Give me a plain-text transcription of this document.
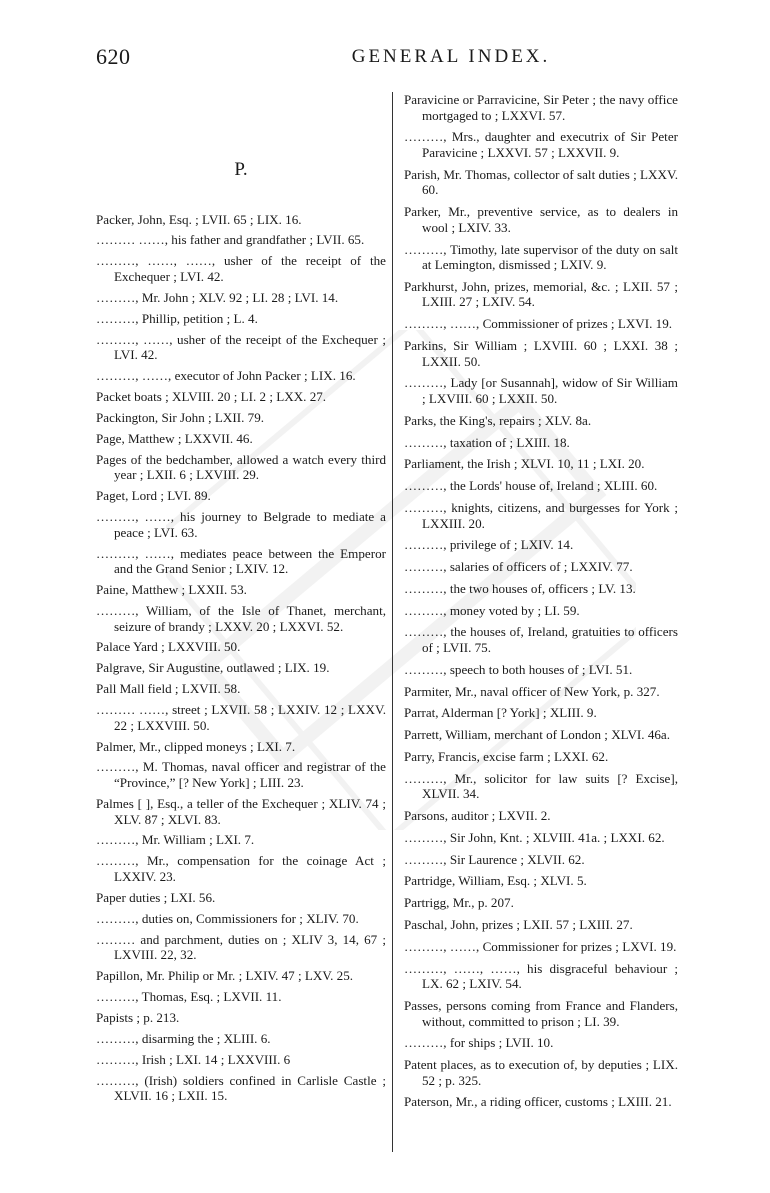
620	GENERAL INDEX.
P.
Packer, John, Esq. ; LVII. 65 ; LIX. 16.
……… ……, his father and grandfather ; LVII. 65.
………, ……, ……, usher of the receipt of the Exchequer ; LVI. 42.
………, Mr. John ; XLV. 92 ; LI. 28 ; LVI. 14.
………, Phillip, petition ; L. 4.
………, ……, usher of the receipt of the Exchequer ; LVI. 42.
………, ……, executor of John Packer ; LIX. 16.
Packet boats ; XLVIII. 20 ; LI. 2 ; LXX. 27.
Packington, Sir John ; LXII. 79.
Page, Matthew ; LXXVII. 46.
Pages of the bedchamber, allowed a watch every third year ; LXII. 6 ; LXVIII. 29.
Paget, Lord ; LVI. 89.
………, ……, his journey to Belgrade to mediate a peace ; LVI. 63.
………, ……, mediates peace between the Emperor and the Grand Senior ; LXIV. 12.
Paine, Matthew ; LXXII. 53.
………, William, of the Isle of Thanet, merchant, seizure of brandy ; LXXV. 20 ; LXXVI. 52.
Palace Yard ; LXXVIII. 50.
Palgrave, Sir Augustine, outlawed ; LIX. 19.
Pall Mall field ; LXVII. 58.
……… ……, street ; LXVII. 58 ; LXXIV. 12 ; LXXV. 22 ; LXXVIII. 50.
Palmer, Mr., clipped moneys ; LXI. 7.
………, M. Thomas, naval officer and registrar of the “Province,” [? New York] ; LIII. 23.
Palmes [ ], Esq., a teller of the Exchequer ; XLIV. 74 ; XLV. 87 ; XLVI. 83.
………, Mr. William ; LXI. 7.
………, Mr., compensation for the coinage Act ; LXXIV. 23.
Paper duties ; LXI. 56.
………, duties on, Commissioners for ; XLIV. 70.
……… and parchment, duties on ; XLIV 3, 14, 67 ; LXVIII. 22, 32.
Papillon, Mr. Philip or Mr. ; LXIV. 47 ; LXV. 25.
………, Thomas, Esq. ; LXVII. 11.
Papists ; p. 213.
………, disarming the ; XLIII. 6.
………, Irish ; LXI. 14 ; LXXVIII. 6
………, (Irish) soldiers confined in Carlisle Castle ; XLVII. 16 ; LXII. 15.
Paravicine or Parravicine, Sir Peter ; the navy office mortgaged to ; LXXVI. 57.
………, Mrs., daughter and executrix of Sir Peter Paravicine ; LXXVI. 57 ; LXXVII. 9.
Parish, Mr. Thomas, collector of salt duties ; LXXV. 60.
Parker, Mr., preventive service, as to dealers in wool ; LXIV. 33.
………, Timothy, late supervisor of the duty on salt at Lemington, dismissed ; LXIV. 9.
Parkhurst, John, prizes, memorial, &c. ; LXII. 57 ; LXIII. 27 ; LXIV. 54.
………, ……, Commissioner of prizes ; LXVI. 19.
Parkins, Sir William ; LXVIII. 60 ; LXXI. 38 ; LXXII. 50.
………, Lady [or Susannah], widow of Sir William ; LXVIII. 60 ; LXXII. 50.
Parks, the King's, repairs ; XLV. 8a.
………, taxation of ; LXIII. 18.
Parliament, the Irish ; XLVI. 10, 11 ; LXI. 20.
………, the Lords' house of, Ireland ; XLIII. 60.
………, knights, citizens, and burgesses for York ; LXXIII. 20.
………, privilege of ; LXIV. 14.
………, salaries of officers of ; LXXIV. 77.
………, the two houses of, officers ; LV. 13.
………, money voted by ; LI. 59.
………, the houses of, Ireland, gratuities to officers of ; LVII. 75.
………, speech to both houses of ; LVI. 51.
Parmiter, Mr., naval officer of New York, p. 327.
Parrat, Alderman [? York] ; XLIII. 9.
Parrett, William, merchant of London ; XLVI. 46a.
Parry, Francis, excise farm ; LXXI. 62.
………, Mr., solicitor for law suits [? Excise], XLVII. 34.
Parsons, auditor ; LXVII. 2.
………, Sir John, Knt. ; XLVIII. 41a. ; LXXI. 62.
………, Sir Laurence ; XLVII. 62.
Partridge, William, Esq. ; XLVI. 5.
Partrigg, Mr., p. 207.
Paschal, John, prizes ; LXII. 57 ; LXIII. 27.
………, ……, Commissioner for prizes ; LXVI. 19.
………, ……, ……, his disgraceful behaviour ; LX. 62 ; LXIV. 54.
Passes, persons coming from France and Flanders, without, committed to prison ; LI. 39.
………, for ships ; LVII. 10.
Patent places, as to execution of, by deputies ; LIX. 52 ; p. 325.
Paterson, Mr., a riding officer, customs ; LXIII. 21.
